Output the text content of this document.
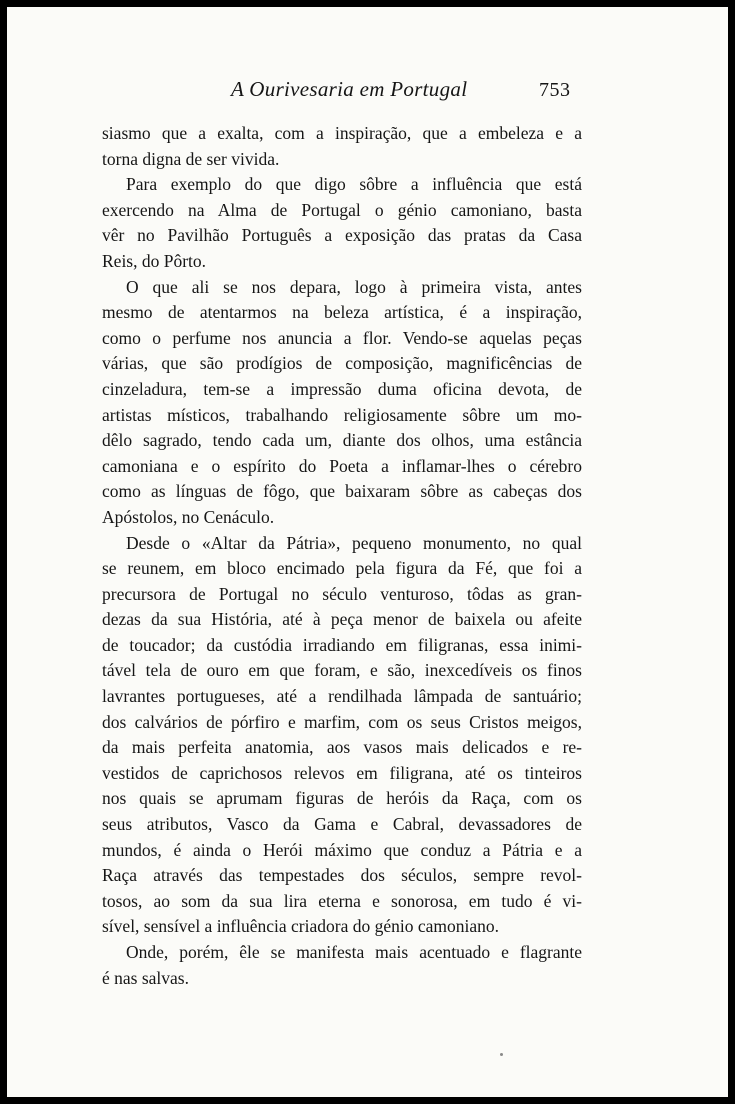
A Ourivesaria em Portugal	753
siasmo que a exalta, com a inspiração, que a embeleza e a
torna digna de ser vivida.
Para exemplo do que digo sôbre a influência que está
exercendo na Alma de Portugal o génio camoniano, basta
vêr no Pavilhão Português a exposição das pratas da Casa
Reis, do Pôrto.
O que ali se nos depara, logo à primeira vista, antes
mesmo de atentarmos na beleza artística, é a inspiração,
como o perfume nos anuncia a flor. Vendo-se aquelas peças
várias, que são prodígios de composição, magnificências de
cinzeladura, tem-se a impressão duma oficina devota, de
artistas místicos, trabalhando religiosamente sôbre um mo-
dêlo sagrado, tendo cada um, diante dos olhos, uma estância
camoniana e o espírito do Poeta a inflamar-lhes o cérebro
como as línguas de fôgo, que baixaram sôbre as cabeças dos
Apóstolos, no Cenáculo.
Desde o «Altar da Pátria», pequeno monumento, no qual
se reunem, em bloco encimado pela figura da Fé, que foi a
precursora de Portugal no século venturoso, tôdas as gran-
dezas da sua História, até à peça menor de baixela ou afeite
de toucador; da custódia irradiando em filigranas, essa inimi-
tável tela de ouro em que foram, e são, inexcedíveis os finos
lavrantes portugueses, até a rendilhada lâmpada de santuário;
dos calvários de pórfiro e marfim, com os seus Cristos meigos,
da mais perfeita anatomia, aos vasos mais delicados e re-
vestidos de caprichosos relevos em filigrana, até os tinteiros
nos quais se aprumam figuras de heróis da Raça, com os
seus atributos, Vasco da Gama e Cabral, devassadores de
mundos, é ainda o Herói máximo que conduz a Pátria e a
Raça através das tempestades dos séculos, sempre revol-
tosos, ao som da sua lira eterna e sonorosa, em tudo é vi-
sível, sensível a influência criadora do génio camoniano.
Onde, porém, êle se manifesta mais acentuado e flagrante
é nas salvas.
